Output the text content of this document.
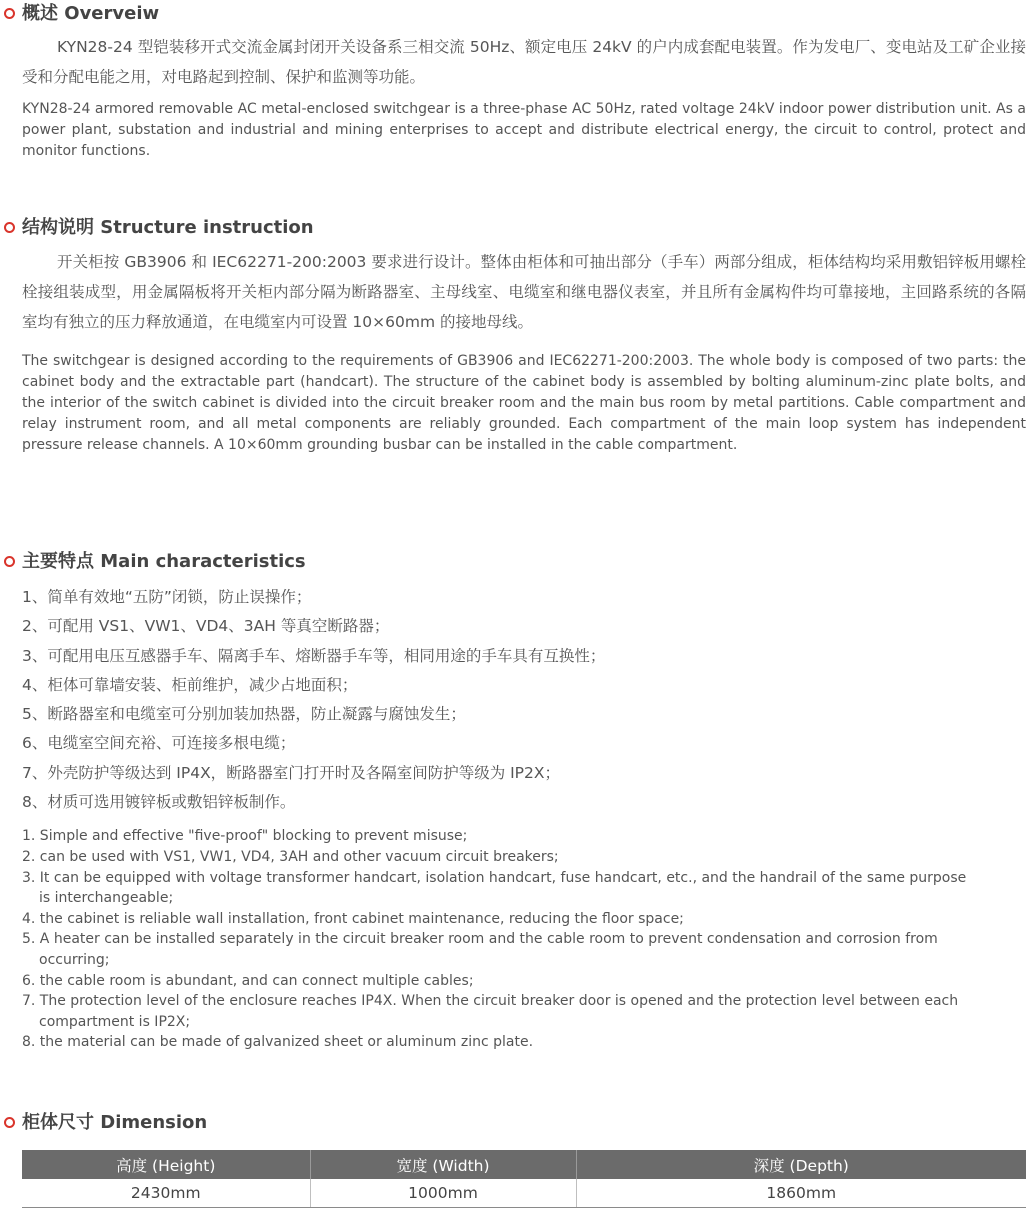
概述 Overveiw

KYN28-24 型铠装移开式交流金属封闭开关设备系三相交流 50Hz、额定电压 24kV 的户内成套配电装置。作为发电厂、变电站及工矿企业接受和分配电能之用，对电路起到控制、保护和监测等功能。

KYN28-24 armored removable AC metal-enclosed switchgear is a three-phase AC 50Hz, rated voltage 24kV indoor power distribution unit. As a power plant, substation and industrial and mining enterprises to accept and distribute electrical energy, the circuit to control, protect and monitor functions.

结构说明 Structure instruction

开关柜按 GB3906 和 IEC62271-200:2003 要求进行设计。整体由柜体和可抽出部分（手车）两部分组成，柜体结构均采用敷铝锌板用螺栓栓接组装成型，用金属隔板将开关柜内部分隔为断路器室、主母线室、电缆室和继电器仪表室，并且所有金属构件均可靠接地，主回路系统的各隔室均有独立的压力释放通道，在电缆室内可设置 10×60mm 的接地母线。

The switchgear is designed according to the requirements of GB3906 and IEC62271-200:2003. The whole body is composed of two parts: the cabinet body and the extractable part (handcart). The structure of the cabinet body is assembled by bolting aluminum-zinc plate bolts, and the interior of the switch cabinet is divided into the circuit breaker room and the main bus room by metal partitions. Cable compartment and relay instrument room, and all metal components are reliably grounded. Each compartment of the main loop system has independent pressure release channels. A 10×60mm grounding busbar can be installed in the cable compartment.

主要特点 Main characteristics
1、简单有效地“五防”闭锁，防止误操作；
2、可配用 VS1、VW1、VD4、3AH 等真空断路器；
3、可配用电压互感器手车、隔离手车、熔断器手车等，相同用途的手车具有互换性；
4、柜体可靠墙安装、柜前维护，减少占地面积；
5、断路器室和电缆室可分别加装加热器，防止凝露与腐蚀发生；
6、电缆室空间充裕、可连接多根电缆；
7、外壳防护等级达到 IP4X，断路器室门打开时及各隔室间防护等级为 IP2X；
8、材质可选用镀锌板或敷铝锌板制作。
1. Simple and effective "five-proof" blocking to prevent misuse;
2. can be used with VS1, VW1, VD4, 3AH and other vacuum circuit breakers;
3. It can be equipped with voltage transformer handcart, isolation handcart, fuse handcart, etc., and the handrail of the same purpose is interchangeable;
4. the cabinet is reliable wall installation, front cabinet maintenance, reducing the floor space;
5. A heater can be installed separately in the circuit breaker room and the cable room to prevent condensation and corrosion from occurring;
6. the cable room is abundant, and can connect multiple cables;
7. The protection level of the enclosure reaches IP4X. When the circuit breaker door is opened and the protection level between each compartment is IP2X;
8. the material can be made of galvanized sheet or aluminum zinc plate.
柜体尺寸 Dimension
高度 (Height)	宽度 (Width)	深度 (Depth)
2430mm	1000mm	1860mm
